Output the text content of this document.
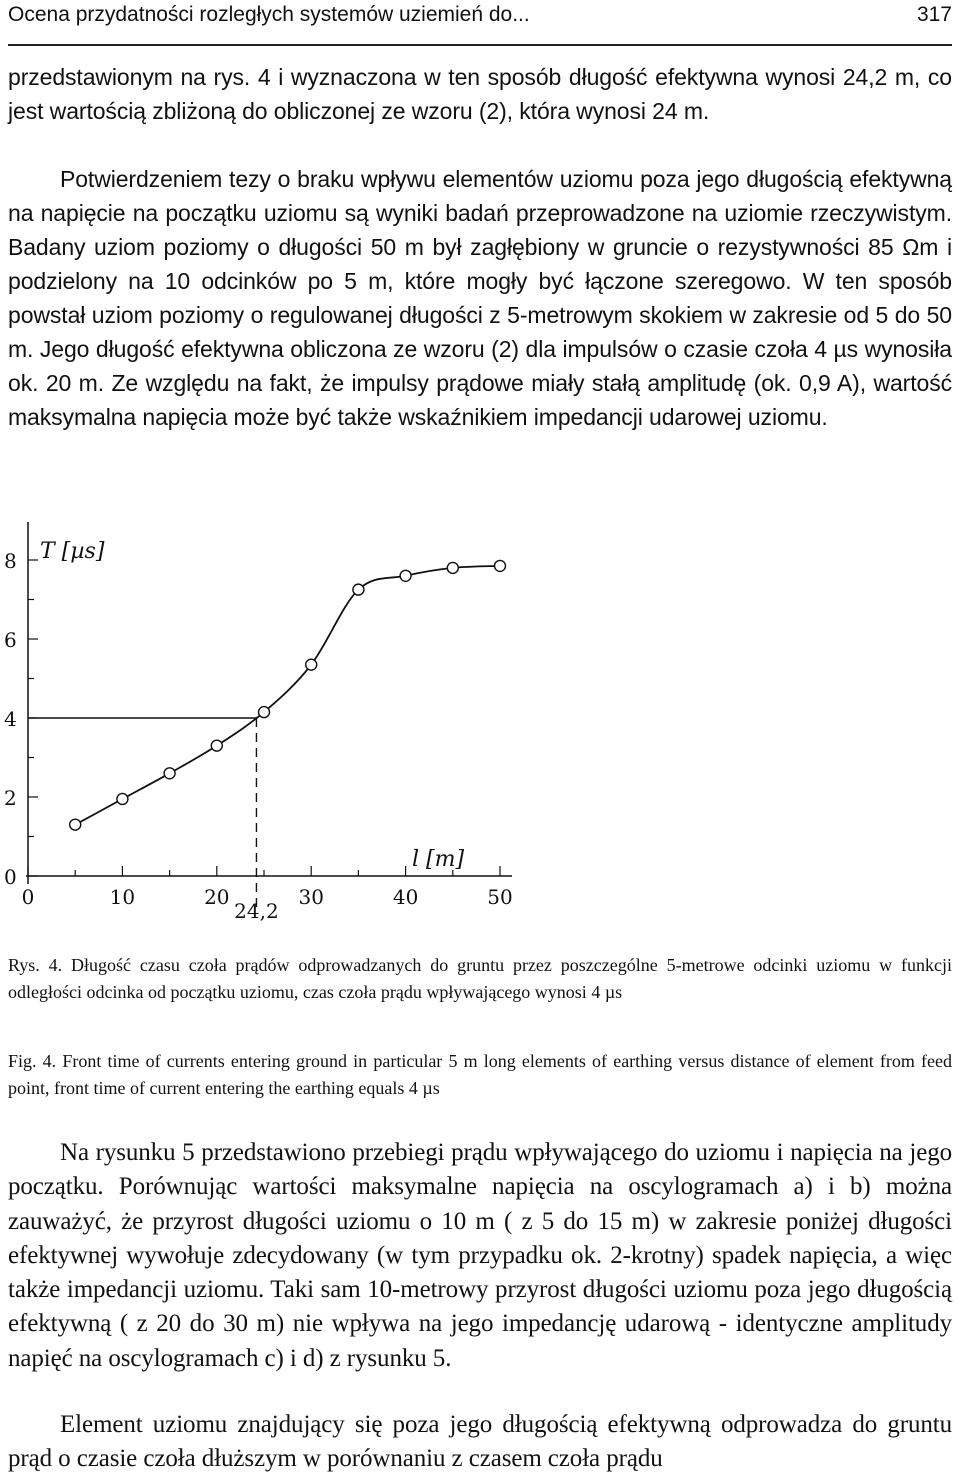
Ocena przydatności rozległych systemów uziemień do...	317

przedstawionym na rys. 4 i wyznaczona w ten sposób długość efektywna wynosi 24,2 m, co jest wartością zbliżoną do obliczonej ze wzoru (2), która wynosi 24 m.

Potwierdzeniem tezy o braku wpływu elementów uziomu poza jego długością efektywną na napięcie na początku uziomu są wyniki badań przeprowadzone na uziomie rzeczywistym. Badany uziom poziomy o długości 50 m był zagłębiony w gruncie o rezystywności 85 Ωm i podzielony na 10 odcinków po 5 m, które mogły być łączone szeregowo. W ten sposób powstał uziom poziomy o regulowanej długości z 5-metrowym skokiem w zakresie od 5 do 50 m. Jego długość efektywna obliczona ze wzoru (2) dla impulsów o czasie czoła 4 µs wynosiła ok. 20 m. Ze względu na fakt, że impulsy prądowe miały stałą amplitudę (ok. 0,9 A), wartość maksymalna napięcia może być także wskaźnikiem impedancji udarowej uziomu.

0
2
4
6
8
0	10	20	30	40	50
24,2
T [µs]
l [m]

Rys. 4. Długość czasu czoła prądów odprowadzanych do gruntu przez poszczególne 5-metrowe odcinki uziomu w funkcji odległości odcinka od początku uziomu, czas czoła prądu wpływającego wynosi 4 µs

Fig. 4. Front time of currents entering ground in particular 5 m long elements of earthing versus distance of element from feed point, front time of current entering the earthing equals 4 µs

Na rysunku 5 przedstawiono przebiegi prądu wpływającego do uziomu i napięcia na jego początku. Porównując wartości maksymalne napięcia na oscylogramach a) i b) można zauważyć, że przyrost długości uziomu o 10 m ( z 5 do 15 m) w zakresie poniżej długości efektywnej wywołuje zdecydowany (w tym przypadku ok. 2-krotny) spadek napięcia, a więc także impedancji uziomu. Taki sam 10-metrowy przyrost długości uziomu poza jego długością efektywną ( z 20 do 30 m) nie wpływa na jego impedancję udarową - identyczne amplitudy napięć na oscylogramach c) i d) z rysunku 5.

Element uziomu znajdujący się poza jego długością efektywną odprowadza do gruntu prąd o czasie czoła dłuższym w porównaniu z czasem czoła prądu
